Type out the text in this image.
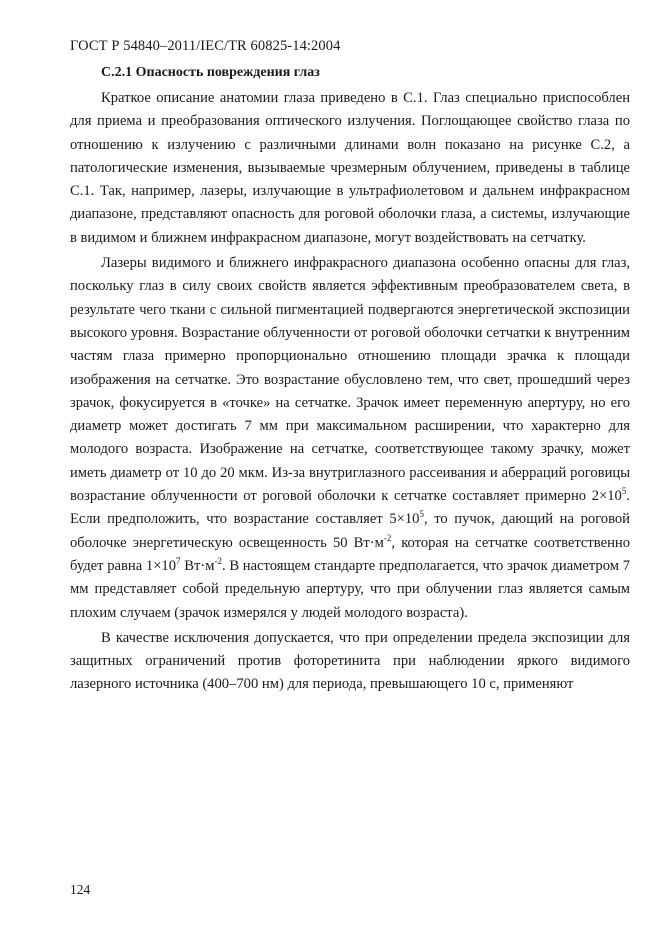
ГОСТ Р 54840–2011/IEC/TR 60825-14:2004
С.2.1 Опасность повреждения глаз

Краткое описание анатомии глаза приведено в С.1. Глаз специально приспособлен для приема и преобразования оптического излучения. Поглощающее свойство глаза по отношению к излучению с различными длинами волн показано на рисунке С.2, а патологические изменения, вызываемые чрезмерным облучением, приведены в таблице С.1. Так, например, лазеры, излучающие в ультрафиолетовом и дальнем инфракрасном диапазоне, представляют опасность для роговой оболочки глаза, а системы, излучающие в видимом и ближнем инфракрасном диапазоне, могут воздействовать на сетчатку.

Лазеры видимого и ближнего инфракрасного диапазона особенно опасны для глаз, поскольку глаз в силу своих свойств является эффективным преобразователем света, в результате чего ткани с сильной пигментацией подвергаются энергетической экспозиции высокого уровня. Возрастание облученности от роговой оболочки сетчатки к внутренним частям глаза примерно пропорционально отношению площади зрачка к площади изображения на сетчатке. Это возрастание обусловлено тем, что свет, прошедший через зрачок, фокусируется в «точке» на сетчатке. Зрачок имеет переменную апертуру, но его диаметр может достигать 7 мм при максимальном расширении, что характерно для молодого возраста. Изображение на сетчатке, соответствующее такому зрачку, может иметь диаметр от 10 до 20 мкм. Из-за внутриглазного рассеивания и аберраций роговицы возрастание облученности от роговой оболочки к сетчатке составляет примерно $2\times 10^5$. Если предположить, что возрастание составляет $5\times 10^5$, то пучок, дающий на роговой оболочке энергетическую освещенность 50 $Вт\cdot м^{-2}$, которая на сетчатке соответственно будет равна $1\times 10^7$ $Вт\cdot м^{-2}$. В настоящем стандарте предполагается, что зрачок диаметром 7 мм представляет собой предельную апертуру, что при облучении глаз является самым плохим случаем (зрачок измерялся у людей молодого возраста).

В качестве исключения допускается, что при определении предела экспозиции для защитных ограничений против фоторетинита при наблюдении яркого видимого лазерного источника (400–700 нм) для периода, превышающего 10 с, применяют

124
